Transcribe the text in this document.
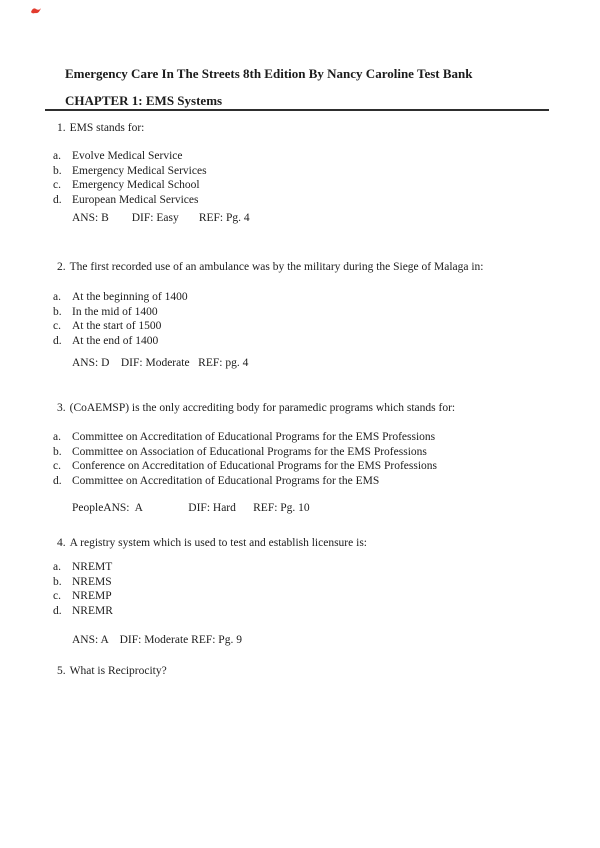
Emergency Care In The Streets 8th Edition By Nancy Caroline Test Bank
CHAPTER 1: EMS Systems
1. EMS stands for:
a. Evolve Medical Service
b. Emergency Medical Services
c. Emergency Medical School
d. European Medical Services
ANS: B        DIF: Easy       REF: Pg. 4
2. The first recorded use of an ambulance was by the military during the Siege of Malaga in:
a. At the beginning of 1400
b. In the mid of 1400
c. At the start of 1500
d. At the end of 1400
ANS: D    DIF: Moderate   REF: pg. 4
3. (CoAEMSP) is the only accrediting body for paramedic programs which stands for:
a. Committee on Accreditation of Educational Programs for the EMS Professions
b. Committee on Association of Educational Programs for the EMS Professions
c. Conference on Accreditation of Educational Programs for the EMS Professions
d. Committee on Accreditation of Educational Programs for the EMS
PeopleANS:  A                DIF: Hard      REF: Pg. 10
4. A registry system which is used to test and establish licensure is:
a. NREMT
b. NREMS
c. NREMP
d. NREMR
ANS: A    DIF: Moderate REF: Pg. 9
5. What is Reciprocity?
